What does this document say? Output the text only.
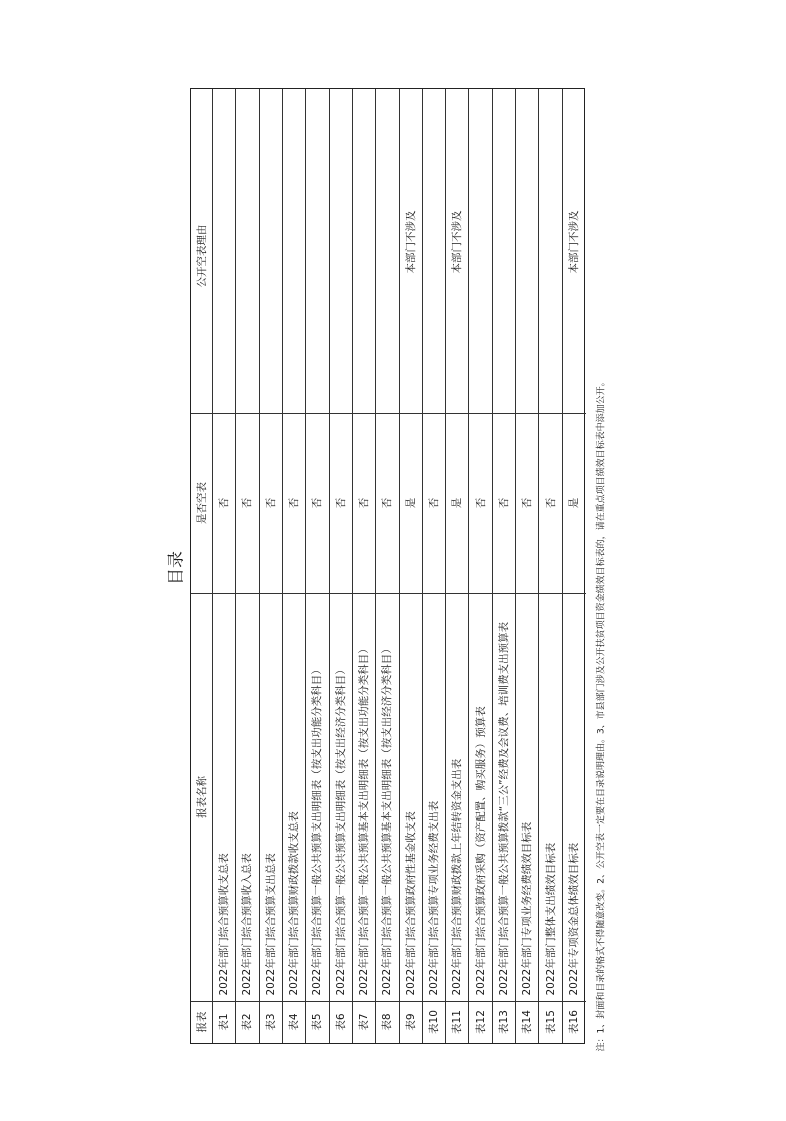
目录
报表
报表名称
是否空表
公开空表理由
表1
2022年部门综合预算收支总表
否
表2
2022年部门综合预算收入总表
否
表3
2022年部门综合预算支出总表
否
表4
2022年部门综合预算财政拨款收支总表
否
表5
2022年部门综合预算一般公共预算支出明细表（按支出功能分类科目）
否
表6
2022年部门综合预算一般公共预算支出明细表（按支出经济分类科目）
否
表7
2022年部门综合预算一般公共预算基本支出明细表（按支出功能分类科目）
否
表8
2022年部门综合预算一般公共预算基本支出明细表（按支出经济分类科目）
否
表9
2022年部门综合预算政府性基金收支表
是
本部门不涉及
表10
2022年部门综合预算专项业务经费支出表
否
表11
2022年部门综合预算财政拨款上年结转资金支出表
是
本部门不涉及
表12
2022年部门综合预算政府采购（资产配置、购买服务）预算表
否
表13
2022年部门综合预算一般公共预算拨款“三公”经费及会议费、培训费支出预算表
否
表14
2022年部门专项业务经费绩效目标表
否
表15
2022年部门整体支出绩效目标表
否
表16
2022年专项资金总体绩效目标表
是
本部门不涉及
注：1、封面和目录的格式不得随意改变。2、公开空表一定要在目录说明理由。3、市县部门涉及公开扶贫项目资金绩效目标表的，请在重点项目绩效目标表中添加公开。
